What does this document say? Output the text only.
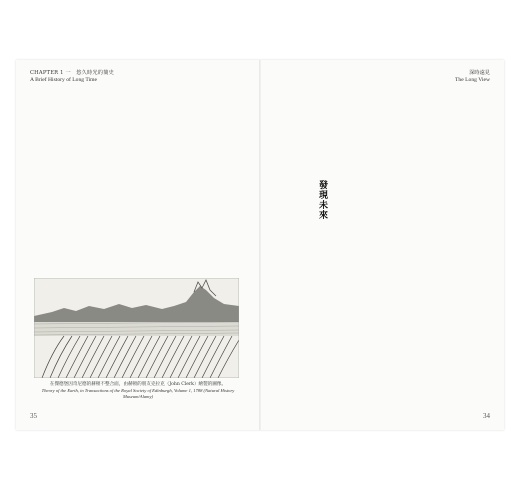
CHAPTER 1 一　悠久時光的簡史
A Brief History of Long Time
在傑德堡因奇尼德的赫頓不整合面，由赫頓的朋友克拉克（John Clerk）繪製的圖像。
Theory of the Earth, in Transactions of the Royal Society of Edinburgh, Volume 1, 1788 (Natural History Museum/Alamy)
35
深時遠見
The Long View
發現未來
34
